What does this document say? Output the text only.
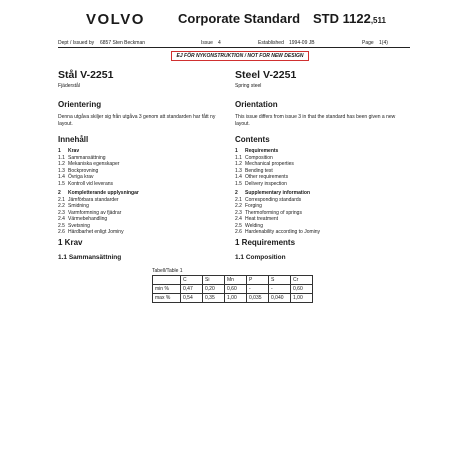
VOLVO	Corporate Standard STD 1122,511
Dept / Issued by 6857 Sten Beckman	Issue 4	Established 1994-09 JB	Page 1(4)
EJ FÖR NYKONSTRUKTION / NOT FOR NEW DESIGN
Stål V-2251
Fjäderstål
Orientering
Denna utgåva skiljer sig från utgåva 3 genom att standarden har fått ny layout.
Innehåll
1 Krav
1.1 Sammansättning
1.2 Mekaniska egenskaper
1.3 Bockprovning
1.4 Övriga krav
1.5 Kontroll vid leverans
2 Kompletterande upplysningar
2.1 Jämförbara standarder
2.2 Smidning
2.3 Varmformning av fjädrar
2.4 Värmebehandling
2.5 Svetsning
2.6 Härdbarhet enligt Jominy
1 Krav
1.1 Sammansättning
Steel V-2251
Spring steel
Orientation
This issue differs from issue 3 in that the standard has been given a new layout.
Contents
1 Requirements
1.1 Composition
1.2 Mechanical properties
1.3 Bending test
1.4 Other requirements
1.5 Delivery inspection
2 Supplementary information
2.1 Corresponding standards
2.2 Forging
2.3 Thermoforming of springs
2.4 Heat treatment
2.5 Welding
2.6 Hardenability according to Jominy
1 Requirements
1.1 Composition
Tabell/Table 1
	C	Si	Mn	P	S	Cr
min %	0,47	0,20	0,60	-	-	0,60
max %	0,54	0,35	1,00	0,035	0,040	1,00
